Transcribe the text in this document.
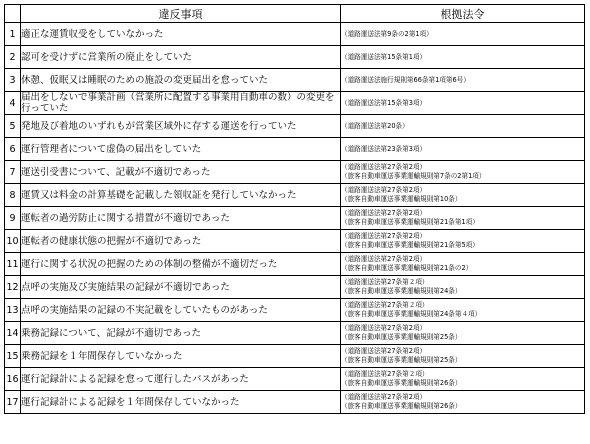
	違反事項	根拠法令
1	適正な運賃収受をしていなかった	（道路運送法第9条の2第1項）

2	認可を受けずに営業所の廃止をしていた	（道路運送法第15条第1項）

3	休憩、仮眠又は睡眠のための施設の変更届出を怠っていた	（道路運送法施行規則第66条第1項第6号）

4	届出をしないで事業計画（営業所に配置する事業用自動車の数）の変更を行っていた	（道路運送法第15条第3項）

5	発地及び着地のいずれもが営業区域外に存する運送を行っていた	（道路運送法第20条）

6	運行管理者について虚偽の届出をしていた	（道路運送法第23条第3項）

7	運送引受書について、記載が不適切であった	（道路運送法第27条第2項）
（旅客自動車運送事業運輸規則第7条の2第1項）

8	運賃又は料金の計算基礎を記載した領収証を発行していなかった	（道路運送法第27条第2項）
（旅客自動車運送事業運輸規則第10条）

9	運転者の過労防止に関する措置が不適切であった	（道路運送法第27条第2項）
（旅客自動車運送事業運輸規則第21条第1項）

10	運転者の健康状態の把握が不適切であった	（道路運送法第27条第2項）
（旅客自動車運送事業運輸規則第21条第5項）

11	運行に関する状況の把握のための体制の整備が不適切だった	（道路運送法第27条第2項）
（旅客自動車運送事業運輸規則第21条の2）

12	点呼の実施及び実施結果の記録が不適切であった	（道路運送法第27条第２項）
（旅客自動車運送事業運輸規則第24条）

13	点呼の実施結果の記録の不実記載をしていたものがあった	（道路運送法第27条第２項）
（旅客自動車運送事業運輸規則第24条第４項）

14	乗務記録について、記録が不適切であった	（道路運送法第27条第2項）
（旅客自動車運送事業運輸規則第25条）

15	乗務記録を１年間保存していなかった	（道路運送法第27条第2項）
（旅客自動車運送事業運輸規則第25条）

16	運行記録計による記録を怠って運行したバスがあった	（道路運送法第27条第２項）
（旅客自動車運送事業運輸規則第26条）

17	運行記録計による記録を１年間保存していなかった	（道路運送法第27条第2項）
（旅客自動車運送事業運輸規則第26条）
